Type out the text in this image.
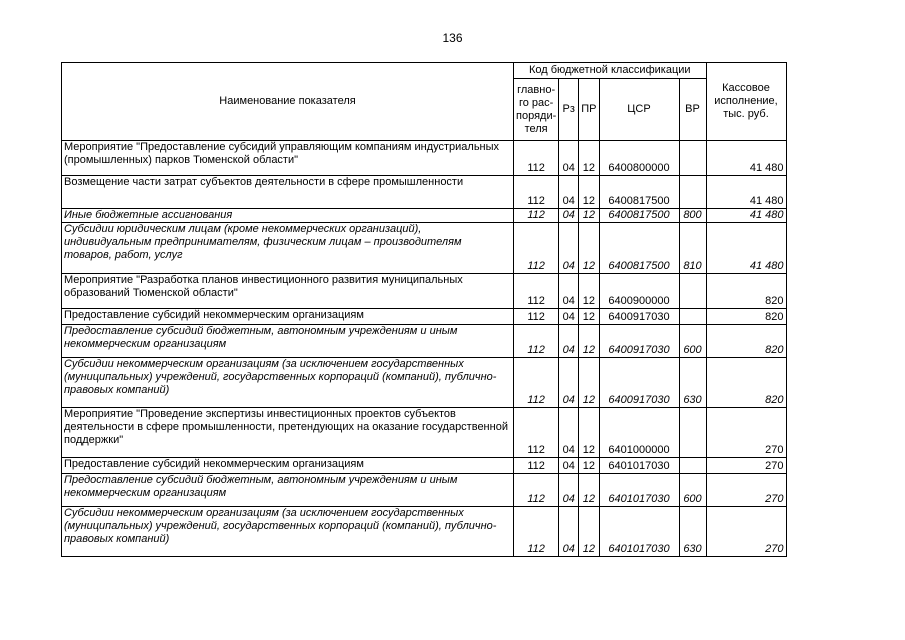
136
Наименование показателя	Код бюджетной классификации					Кассовое исполнение, тыс. руб.
	главно-го рас-поряди-теля	Рз	ПР	ЦСР	ВР	
Мероприятие "Предоставление субсидий управляющим компаниям индустриальных (промышленных) парков Тюменской области"	112	04	12	6400800000		41 480
Возмещение части затрат субъектов деятельности в сфере промышленности	112	04	12	6400817500		41 480
Иные бюджетные ассигнования	112	04	12	6400817500	800	41 480
Субсидии юридическим лицам (кроме некоммерческих организаций), индивидуальным предпринимателям, физическим лицам – производителям товаров, работ, услуг	112	04	12	6400817500	810	41 480
Мероприятие "Разработка планов инвестиционного развития муниципальных образований Тюменской области"	112	04	12	6400900000		820
Предоставление субсидий некоммерческим организациям	112	04	12	6400917030		820
Предоставление субсидий бюджетным, автономным учреждениям и иным некоммерческим организациям	112	04	12	6400917030	600	820
Субсидии некоммерческим организациям (за исключением государственных (муниципальных) учреждений, государственных корпораций (компаний), публично-правовых компаний)	112	04	12	6400917030	630	820
Мероприятие "Проведение экспертизы инвестиционных проектов субъектов деятельности в сфере промышленности, претендующих на оказание государственной поддержки"	112	04	12	6401000000		270
Предоставление субсидий некоммерческим организациям	112	04	12	6401017030		270
Предоставление субсидий бюджетным, автономным учреждениям и иным некоммерческим организациям	112	04	12	6401017030	600	270
Субсидии некоммерческим организациям (за исключением государственных (муниципальных) учреждений, государственных корпораций (компаний), публично-правовых компаний)	112	04	12	6401017030	630	270
